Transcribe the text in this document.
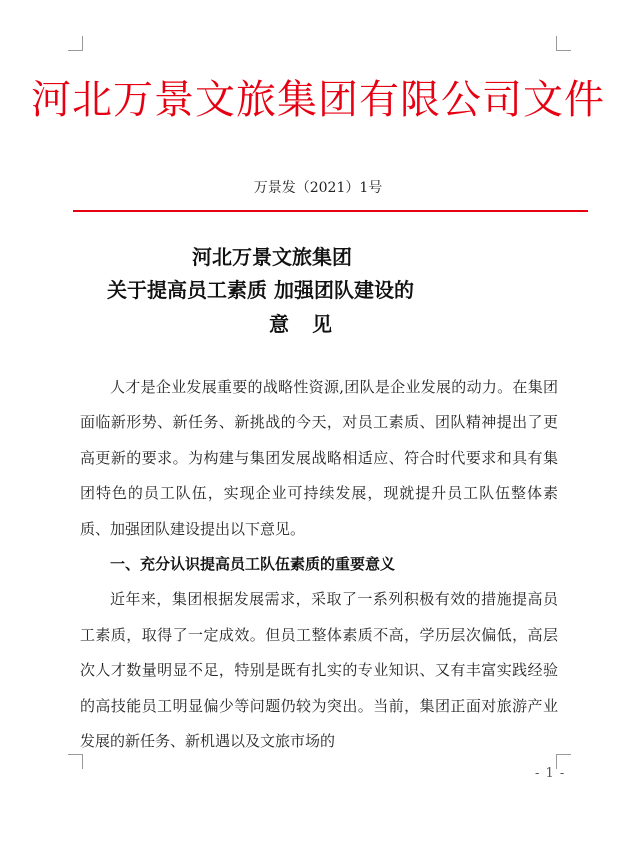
河北万景文旅集团有限公司文件
万景发（2021）1号
河北万景文旅集团
关于提高员工素质 加强团队建设的
意 见

人才是企业发展重要的战略性资源,团队是企业发展的动力。在集团面临新形势、新任务、新挑战的今天，对员工素质、团队精神提出了更高更新的要求。为构建与集团发展战略相适应、符合时代要求和具有集团特色的员工队伍，实现企业可持续发展，现就提升员工队伍整体素质、加强团队建设提出以下意见。

一、充分认识提高员工队伍素质的重要意义

近年来，集团根据发展需求，采取了一系列积极有效的措施提高员工素质，取得了一定成效。但员工整体素质不高，学历层次偏低，高层次人才数量明显不足，特别是既有扎实的专业知识、又有丰富实践经验的高技能员工明显偏少等问题仍较为突出。当前，集团正面对旅游产业发展的新任务、新机遇以及文旅市场的

- 1 -
